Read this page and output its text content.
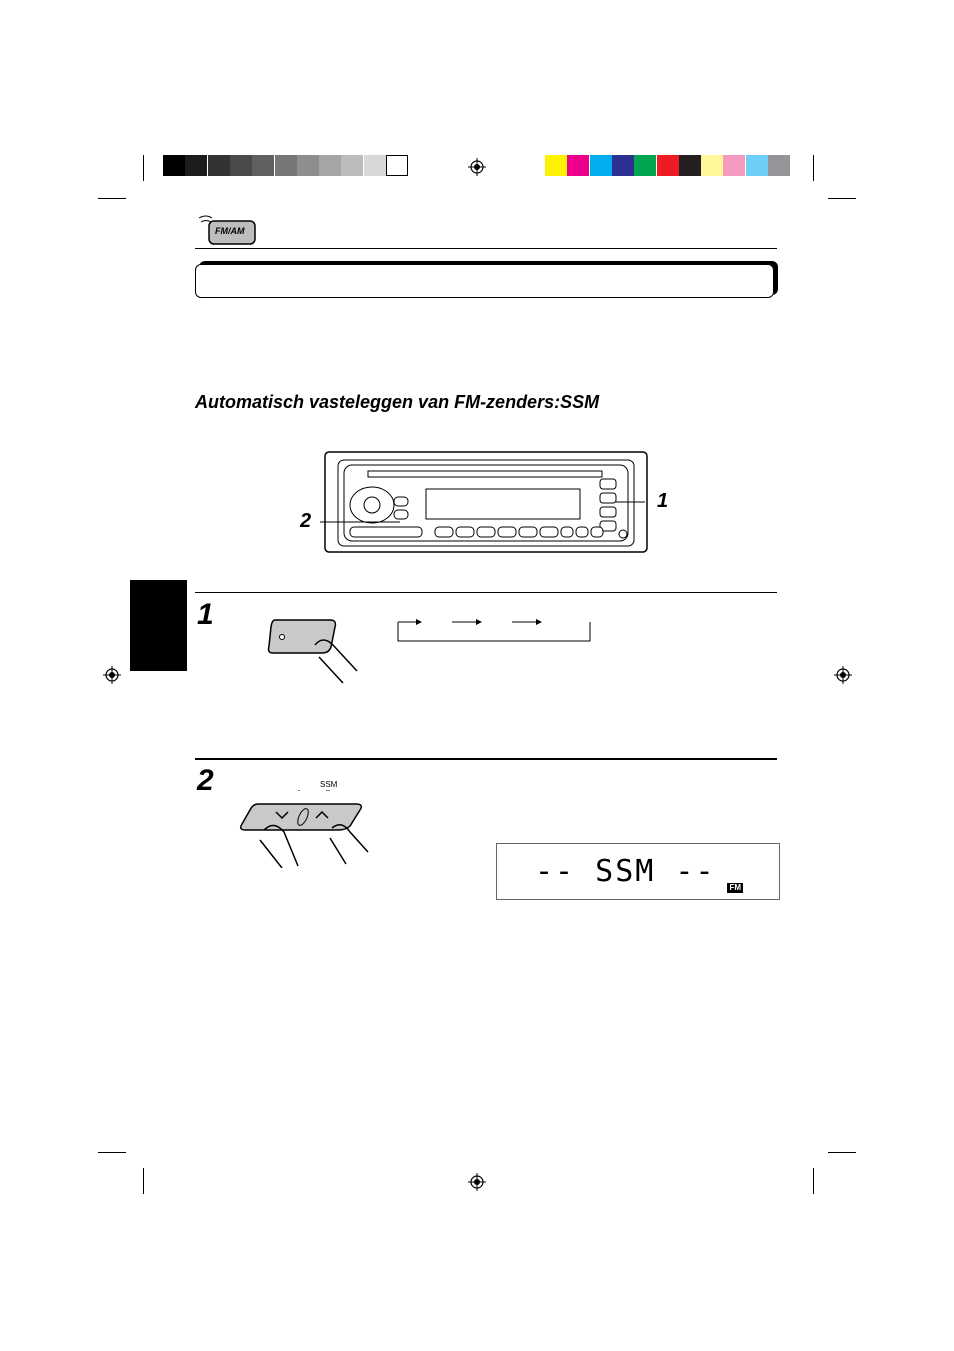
FM/AM
Automatisch vasteleggen van FM-zenders:SSM
1
2
1
2	SSM
-- SSM -- FM
